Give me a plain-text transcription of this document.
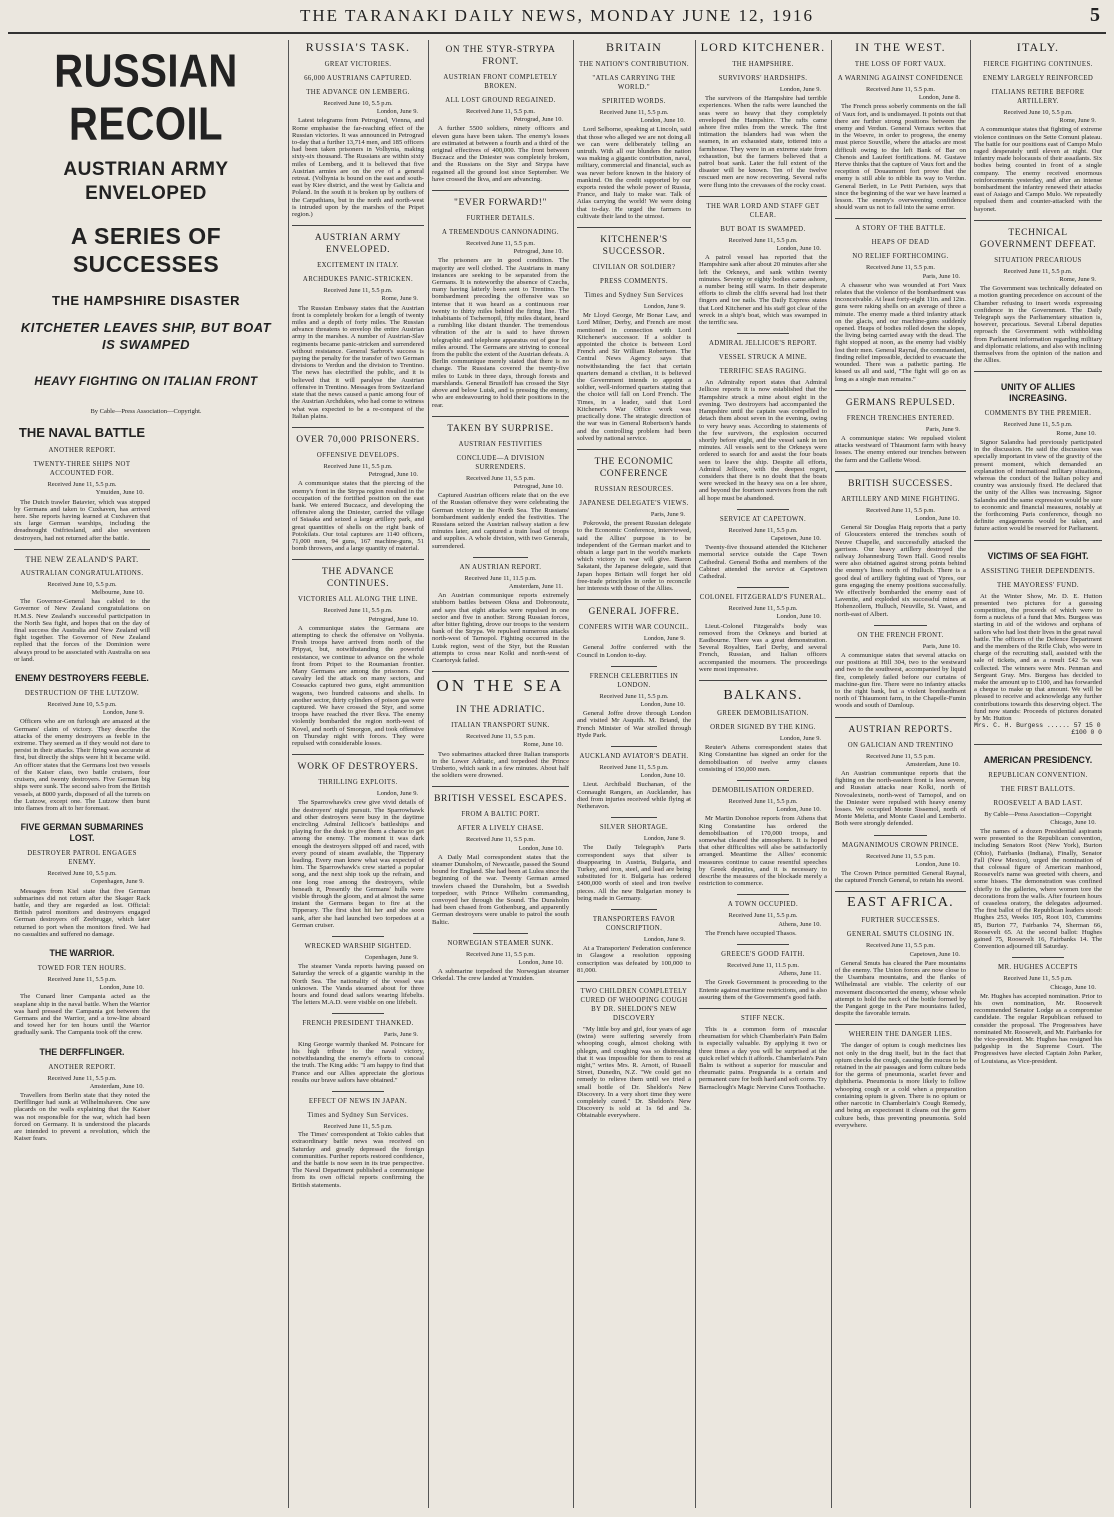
THE TARANAKI DAILY NEWS, MONDAY JUNE 12, 1916	5
RUSSIAN RECOIL
AUSTRIAN ARMY ENVELOPED
A SERIES OF SUCCESSES
THE HAMPSHIRE DISASTER
KITCHETER LEAVES SHIP, BUT BOAT IS SWAMPED
HEAVY FIGHTING ON ITALIAN FRONT
By Cable—Press Association—Copyright.
THE NAVAL BATTLE
ANOTHER REPORT.
TWENTY-THREE SHIPS NOT ACCOUNTED FOR.
Received June 11, 5.5 p.m.
Ymuiden, June 10.

The Dutch trawler Batavier, which was stopped by Germans and taken to Cuxhaven, has arrived here. She reports having learned at Cuxhaven that six large German warships, including the dreadnought Ostfriesland, and also seventeen destroyers, had not returned after the battle.

THE NEW ZEALAND'S PART.
AUSTRALIAN CONGRATULATIONS.
Received June 10, 5.5 p.m.
Melbourne, June 10.

The Governor-General has cabled to the Governor of New Zealand congratulations on H.M.S. New Zealand's successful participation in the North Sea fight, and hopes that on the day of final success the Australia and New Zealand will fight together. The Governor of New Zealand replied that the forces of the Dominion were always proud to be associated with Australia on sea or land.

ENEMY DESTROYERS FEEBLE.
DESTRUCTION OF THE LUTZOW.
Received June 10, 5.5 p.m.
London, June 9.

Officers who are on furlough are amazed at the Germans' claim of victory. They describe the attacks of the enemy destroyers as feeble in the extreme. They seemed as if they would not dare to persist in their attacks. Their firing was accurate at first, but directly the ships were hit it became wild. An officer states that the Germans lost two vessels of the Kaiser class, two battle cruisers, four cruisers, and twenty destroyers. Five German big ships were sunk. The second salvo from the British vessels, at 8000 yards, disposed of all the turrets on the Lutzow, except one. The Lutzow then burst into flames from aft to her foremast.

FIVE GERMAN SUBMARINES LOST.
DESTROYER PATROL ENGAGES ENEMY.
Received June 10, 5.5 p.m.
Copenhagen, June 9.

Messages from Kiel state that five German submarines did not return after the Skager Rack battle, and they are regarded as lost. Official: British patrol monitors and destroyers engaged German destroyers off Zeebrugge, which later returned to port when the monitors fired. We had no casualties and suffered no damage.

THE WARRIOR.
TOWED FOR TEN HOURS.
Received June 11, 5.5 p.m.
London, June 10.

The Cunard liner Campania acted as the seaplane ship in the naval battle. When the Warrior was hard pressed the Campania got between the Germans and the Warrior, and a tow-line aboard and towed her for ten hours until the Warrior gradually sank. The Campania took off the crew.

THE DERFFLINGER.
ANOTHER REPORT.
Received June 11, 5.5 p.m.
Amsterdam, June 10.

Travellers from Berlin state that they noted the Derfflinger had sunk at Wilhelmshaven. One saw placards on the walls explaining that the Kaiser was not responsible for the war, which had been forced on Germany. It is understood the placards are intended to prevent a revolution, which the Kaiser fears.

RUSSIA'S TASK.
GREAT VICTORIES.
66,000 AUSTRIANS CAPTURED.
THE ADVANCE ON LEMBERG.
Received June 10, 5.5 p.m.
London, June 9.

Latest telegrams from Petrograd, Vienna, and Rome emphasise the far-reaching effect of the Russian victories. It was announced in Petrograd to-day that a further 13,714 men, and 185 officers had been taken prisoners in Volhynia, making sixty-six thousand. The Russians are within sixty miles of Lemberg, and it is believed that five Austrian armies are on the eve of a general retreat. (Volhynia is bound on the east and south-east by Kiev district, and the west by Galicia and Poland. In the south it is broken up by outliers of the Carpathians, but in the north and north-west is intruded upon by the marshes of the Pripet region.)

AUSTRIAN ARMY ENVELOPED.
EXCITEMENT IN ITALY.
ARCHDUKES PANIC-STRICKEN.
Received June 11, 5.5 p.m.
Rome, June 9.

The Russian Embassy states that the Austrian front is completely broken for a length of twenty miles and a depth of forty miles. The Russian advance threatens to envelop the entire Austrian army in the marshes. A number of Austrian-Slav regiments became panic-stricken and surrendered without resistance. General Sarbrot's success is paying the penalty for the transfer of two German divisions to Verdun and the division to Trentino. The news has electrified the public, and it is believed that it will paralyse the Austrian offensive in Trentino. Messages from Switzerland state that the news caused a panic among four of the Austrian Archdukes, who had come to witness what was expected to be a re-conquest of the Italian plains.

OVER 70,000 PRISONERS.
OFFENSIVE DEVELOPS.
Received June 11, 5.5 p.m.
Petrograd, June 10.

A communique states that the piercing of the enemy's front in the Strypa region resulted in the occupation of the fortified position on the east bank. We entered Buczacz, and developing the offensive along the Dniester, carried the village of Ssiaaka and seized a large artillery park, and great quantities of shells on the right bank of Potokilats. Our total captures are 1140 officers, 71,000 men, 94 guns, 167 machine-guns, 51 bomb throwers, and a large quantity of material.

THE ADVANCE CONTINUES.
VICTORIES ALL ALONG THE LINE.
Received June 11, 5.5 p.m.
Petrograd, June 10.

A communique states the Germans are attempting to check the offensive on Volhynia. Fresh troops have arrived from north of the Pripyat, but, notwithstanding the powerful resistance, we continue to advance on the whole front from Pripet to the Roumanian frontier. Many Germans are among the prisoners. Our cavalry led the attack on many sectors, and Cossacks captured two guns, eight ammunition wagons, two hundred caissons and shells. In another sector, thirty cylinders of poison gas were captured. We have crossed the Styr, and some troops have reached the river Ikva. The enemy violently bombarded the region north-west of Kovel, and north of Smorgon, and took offensive on Thursday night with forces. They were repulsed with considerable losses.

WORK OF DESTROYERS.
THRILLING EXPLOITS.
London, June 9.

The Sparrowhawk's crew give vivid details of the destroyers' night pursuit. The Sparrowhawk and other destroyers were busy in the daytime encircling Admiral Jellicoe's battleships and playing for the dusk to give them a chance to get among the enemy. The moment it was dark enough the destroyers slipped off and raced, with every pound of steam available, the Tipperary leading. Every man knew what was expected of him. The Sparrowhawk's crew started a popular song, and the next ship took up the refrain, and one long rose among the destroyers, while beneath it, Presently the Germans' hulls were visible through the gloom, and at almost the same instant the Germans began to fire at the Tipperary. The first shot hit her and she soon sank, after she had launched two torpedoes at a German cruiser.

WRECKED WARSHIP SIGHTED.
Copenhagen, June 9.

The steamer Vanda reports having passed on Saturday the wreck of a gigantic warship in the North Sea. The nationality of the vessel was unknown. The Vanda steamed about for three hours and found dead sailors wearing lifebelts. The letters M.A.D. were visible on one lifebelt.

FRENCH PRESIDENT THANKED.
Paris, June 9.

King George warmly thanked M. Poincare for his high tribute to the naval victory, notwithstanding the enemy's efforts to conceal the truth. The King adds: "I am happy to find that France and our Allies appreciate the glorious results our brave sailors have obtained."

EFFECT OF NEWS IN JAPAN.
Times and Sydney Sun Services.
Received June 11, 5.5 p.m.

The Times' correspondent at Tokio cables that extraordinary battle news was received on Saturday and greatly depressed the foreign communities. Further reports restored confidence, and the battle is now seen in its true perspective. The Naval Department published a communique from its own official reports confirming the British statements.

ON THE STYR-STRYPA FRONT.
AUSTRIAN FRONT COMPLETELY BROKEN.
ALL LOST GROUND REGAINED.
Received June 11, 5.5 p.m.
Petrograd, June 10.

A further 5500 soldiers, ninety officers and eleven guns have been taken. The enemy's losses are estimated at between a fourth and a third of the original effectives of 400,000. The front between Buczacz and the Dniester was completely broken, and the Russians on the Styr and Strypa have regained all the ground lost since September. We have crossed the Ikva, and are advancing.

"EVER FORWARD!"
FURTHER DETAILS.
A TREMENDOUS CANNONADING.
Received June 11, 5.5 p.m.
Petrograd, June 10.

The prisoners are in good condition. The majority are well clothed. The Austrians in many instances are seeking to be separated from the Germans. It is noteworthy the absence of Czechs, many having latterly been sent to Trentino. The bombardment preceding the offensive was so intense that it was heard as a continuous roar twenty to thirty miles behind the firing line. The inhabitants of Tschernopil, fifty miles distant, heard a rumbling like distant thunder. The tremendous vibration of the air is said to have thrown telegraphic and telephone apparatus out of gear for miles around. The Germans are striving to conceal from the public the extent of the Austrian defeats. A Berlin communique merely stated that there is no change. The Russians covered the twenty-five miles to Lutsk in three days, through forests and marshlands. General Brusiloff has crossed the Styr above and below Lutsk, and is pressing the enemy, who are endeavouring to hold their positions in the rear.

TAKEN BY SURPRISE.
AUSTRIAN FESTIVITIES
CONCLUDE—A DIVISION SURRENDERS.
Received June 11, 5.5 p.m.
Petrograd, June 10.

Captured Austrian officers relate that on the eve of the Russian offensive they were celebrating the German victory in the North Sea. The Russians' bombardment suddenly ended the festivities. The Russians seized the Austrian railway station a few minutes later, and captured a train load of troops and supplies. A whole division, with two Generals, surrendered.

AN AUSTRIAN REPORT.
Received June 11, 11.5 p.m.
Amsterdam, June 11.

An Austrian communique reports extremely stubborn battles between Okna and Dobronoutz, and says that eight attacks were repulsed in one sector and five in another. Strong Russian forces, after bitter fighting, drove our troops to the western bank of the Strypa. We repulsed numerous attacks north-west of Tarnopol. Fighting occurred in the Lutsk region, west of the Styr, but the Russian attempts to cross near Kolki and north-west of Czartorysk failed.

ON THE SEA
IN THE ADRIATIC.
ITALIAN TRANSPORT SUNK.
Received June 11, 5.5 p.m.
Rome, June 10.

Two submarines attacked three Italian transports in the Lower Adriatic, and torpedoed the Prince Umberto, which sank in a few minutes. About half the soldiers were drowned.

BRITISH VESSEL ESCAPES.
FROM A BALTIC PORT.
AFTER A LIVELY CHASE.
Received June 11, 5.5 p.m.
London, June 10.

A Daily Mail correspondent states that the steamer Dunsholm, of Newcastle, passed the Sound bound for England. She had been at Lulea since the beginning of the war. Twenty German armed trawlers chased the Dunsholm, but a Swedish torpedoer, with Prince Wilhelm commanding, convoyed her through the Sound. The Dunsholm had been chased from Gothenburg, and apparently German destroyers were unable to patrol the south Baltic.

NORWEGIAN STEAMER SUNK.
Received June 11, 5.5 p.m.
London, June 10.

A submarine torpedoed the Norwegian steamer Orkedal. The crew landed at Ymuiden.

BRITAIN
THE NATION'S CONTRIBUTION.
"ATLAS CARRYING THE WORLD."
SPIRITED WORDS.
Received June 11, 5.5 p.m.
London, June 10.

Lord Selborne, speaking at Lincoln, said that those who alleged we are not doing all we can were deliberately telling an untruth. With all our blunders the nation was making a gigantic contribution, naval, military, commercial and financial, such as was never before known in the history of mankind. On the credit supported by our exports rested the whole power of Russia, France, and Italy to make war. Talk of Atlas carrying the world! We were doing that to-day. He urged the farmers to cultivate their land to the utmost.

KITCHENER'S SUCCESSOR.
CIVILIAN OR SOLDIER?
PRESS COMMENTS.
Times and Sydney Sun Services
London, June 9.

Mr Lloyd George, Mr Bonar Law, and Lord Milner, Derby, and French are most mentioned in connection with Lord Kitchener's successor. If a soldier is appointed the choice is between Lord French and Sir William Robertson. The Central News Agency says that notwithstanding the fact that certain quarters demand a civilian, it is believed the Government intends to appoint a soldier, well-informed quarters stating that the choice will fall on Lord French. The Times, in a leader, said that Lord Kitchener's War Office work was practically done. The strategic direction of the war was in General Robertson's hands and the controlling problem had been solved by national service.

THE ECONOMIC CONFERENCE
RUSSIAN RESOURCES.
JAPANESE DELEGATE'S VIEWS.
Paris, June 9.

Pokrovski, the present Russian delegate to the Economic Conference, interviewed, said the Allies' purpose is to be independent of the German market and to obtain a large part in the world's markets which victory in war will give. Baron Sakatani, the Japanese delegate, said that Japan hopes Britain will forget her old free-trade principles in order to reconcile her interests with those of the Allies.

GENERAL JOFFRE.
CONFERS WITH WAR COUNCIL.
London, June 9.

General Joffre conferred with the Council in London to-day.

FRENCH CELEBRITIES IN LONDON.
Received June 11, 5.5 p.m.
London, June 10.

General Joffre drove through London and visited Mr Asquith. M. Briand, the French Minister of War strolled through Hyde Park.

AUCKLAND AVIATOR'S DEATH.
Received June 11, 5.5 p.m.
London, June 10.

Lieut. Archibald Buchanan, of the Connaught Rangers, an Aucklander, has died from injuries received while flying at Netheravon.

SILVER SHORTAGE.
London, June 9.

The Daily Telegraph's Paris correspondent says that silver is disappearing in Austria, Bulgaria, and Turkey, and iron, steel, and lead are being substituted for it. Bulgaria has ordered £400,000 worth of steel and iron twelve pieces. All the new Bulgarian money is being made in Germany.

TRANSPORTERS FAVOR CONSCRIPTION.
London, June 9.

At a Transporters' Federation conference in Glasgow a resolution opposing conscription was defeated by 100,000 to 81,000.

TWO CHILDREN COMPLETELY CURED OF WHOOPING COUGH BY DR. SHELDON'S NEW DISCOVERY

"My little boy and girl, four years of age (twins) were suffering severely from whooping cough, almost choking with phlegm, and coughing was so distressing that it was impossible for them to rest at night," writes Mrs. R. Arnott, of Russell Street, Dunedin, N.Z. "We could get no remedy to relieve them until we tried a small bottle of Dr. Sheldon's New Discovery. In a very short time they were completely cured." Dr. Sheldon's New Discovery is sold at 1s 6d and 3s. Obtainable everywhere.

LORD KITCHENER.
THE HAMPSHIRE.
SURVIVORS' HARDSHIPS.
London, June 9.

The survivors of the Hampshire had terrible experiences. When the rafts were launched the seas were so heavy that they completely enveloped the Hampshire. The rafts came ashore five miles from the wreck. The first intimation the islanders had was when the seamen, in an exhausted state, tottered into a farmhouse. They were in an extreme state from exhaustion, but the farmers believed that a patrol boat sank. Later the full extent of the disaster will be known. Ten of the twelve rescued men are now recovering. Several rafts were flung into the crevasses of the rocky coast.

THE WAR LORD AND STAFF GET CLEAR.
BUT BOAT IS SWAMPED.
Received June 11, 5.5 p.m.
London, June 10.

A patrol vessel has reported that the Hampshire sank after about 20 minutes after she left the Orkneys, and sank within twenty minutes. Seventy or eighty bodies came ashore, a number being still warm. In their desperate efforts to climb the cliffs several had lost their fingers and toe nails. The Daily Express states that Lord Kitchener and his staff got clear of the wreck in a ship's boat, which was swamped in the terrific sea.

ADMIRAL JELLICOE'S REPORT.
VESSEL STRUCK A MINE.
TERRIFIC SEAS RAGING.

An Admiralty report states that Admiral Jellicoe reports it is now established that the Hampshire struck a mine about eight in the evening. Two destroyers had accompanied the Hampshire until the captain was compelled to detach them about seven in the evening, owing to very heavy seas. According to statements of the few survivors, the explosion occurred shortly before eight, and the vessel sank in ten minutes. All vessels sent to the Orkneys were ordered to search for and assist the four boats seen to leave the ship. Despite all efforts, Admiral Jellicoe, with the deepest regret, considers that there is no doubt that the boats were wrecked in the heavy sea on a lee shore, and beyond the fourteen survivors from the raft all hope must be abandoned.

SERVICE AT CAPETOWN.
Received June 11, 5.5 p.m.
Capetown, June 10.

Twenty-five thousand attended the Kitchener memorial service outside the Cape Town Cathedral. General Botha and members of the Cabinet attended the service at Capetown Cathedral.

COLONEL FITZGERALD'S FUNERAL.
Received June 11, 5.5 p.m.
London, June 10.

Lieut.-Colonel Fitzgerald's body was removed from the Orkneys and buried at Eastbourne. There was a great demonstration. Several Royalties, Earl Derby, and several French, Russian, and Italian officers accompanied the mourners. The proceedings were most impressive.

BALKANS.
GREEK DEMOBILISATION.
ORDER SIGNED BY THE KING.
London, June 9.

Reuter's Athens correspondent states that King Constantine has signed an order for the demobilisation of twelve army classes consisting of 150,000 men.

DEMOBILISATION ORDERED.
Received June 11, 5.5 p.m.
London, June 10.

Mr Martin Donohoe reports from Athens that King Constantine has ordered the demobilisation of 170,000 troops, and somewhat cleared the atmosphere. It is hoped that other difficulties will also be satisfactorily arranged. Meantime the Allies' economic measures continue to cause resentful speeches by Greek deputies, and it is necessary to describe the measures of the blockade merely a restriction to commerce.

A TOWN OCCUPIED.
Received June 11, 5.5 p.m.
Athens, June 10.

The French have occupied Thasos.

GREECE'S GOOD FAITH.
Received June 11, 11.5 p.m.
Athens, June 11.

The Greek Government is proceeding to the Entente against maritime restrictions, and is also assuring them of the Government's good faith.

STIFF NECK.

This is a common form of muscular rheumatism for which Chamberlain's Pain Balm is especially valuable. By applying it two or three times a day you will be surprised at the quick relief which it affords. Chamberlain's Pain Balm is without a superior for muscular and rheumatic pains. Pregnanda is a certain and permanent cure for both hard and soft corns. Try Barnsclough's Magic Nervine Cures Toothache.

IN THE WEST.
THE LOSS OF FORT VAUX.
A WARNING AGAINST CONFIDENCE
Received June 11, 5.5 p.m.
London, June 8.

The French press soberly comments on the fall of Vaux fort, and is undismayed. It points out that there are further strong positions between the enemy and Verdun. General Verraux writes that in the Woevre, in order to progress, the enemy must pierce Souville, where the attacks are most difficult owing to the left Bank of Bar on Chenois and Laufeet fortifications. M. Gustave Herve thinks that the capture of Vaux fort and the reception of Douaumont fort prove that the enemy is still able to nibble its way to Verdun. General Berlett, in Le Petit Parisien, says that since the beginning of the war we have learned a lesson. The enemy's overweening confidence should warn us not to fall into the same error.

A STORY OF THE BATTLE.
HEAPS OF DEAD
NO RELIEF FORTHCOMING.
Received June 11, 5.5 p.m.
Paris, June 10.

A chasseur who was wounded at Fort Vaux relates that the violence of the bombardment was inconceivable. At least forty-eight 11in. and 12in. guns were raking shells on an average of three a minute. The enemy made a third infantry attack on the glacis, and our machine-guns suddenly opened. Heaps of bodies rolled down the slopes, the living being carried away with the dead. The fight stopped at noon, as the enemy had visibly lost their men. General Raynal, the commandant, finding relief impossible, decided to evacuate the wounded. There was a pathetic parting. He kissed us all and said, "The fight will go on as long as a single man remains."

GERMANS REPULSED.
FRENCH TRENCHES ENTERED.
Paris, June 9.

A communique states: We repulsed violent attacks westward of Thiaumont farm with heavy losses. The enemy entered our trenches between the farm and the Caillette Wood.

BRITISH SUCCESSES.
ARTILLERY AND MINE FIGHTING.
Received June 11, 5.5 p.m.
London, June 10.

General Sir Douglas Haig reports that a party of Gloucesters entered the trenches south of Neuve Chapelle, and successfully attacked the garrison. Our heavy artillery destroyed the railway Johannesburg Town Hall. Good results were also obtained against strong points behind the enemy's lines north of Hulluch. There is a good deal of artillery fighting east of Ypres, our guns engaging the enemy positions successfully. We effectively bombarded the enemy east of Laventie, and exploded six successful mines at Hohenzollern, Hulluch, Neuville, St. Vaast, and north-east of Albert.

ON THE FRENCH FRONT.
Paris, June 10.

A communique states that several attacks on our positions at Hill 304, two to the westward and two to the southwest, accompanied by liquid fire, completely failed before our curtains of machine-gun fire. There were no infantry attacks to the right bank, but a violent bombardment north of Thiaumont farm, in the Chapelle-Fumin woods and south of Damloup.

AUSTRIAN REPORTS.
ON GALICIAN AND TRENTINO
Received June 11, 5.5 p.m.
Amsterdam, June 10.

An Austrian communique reports that the fighting on the north-eastern front is less severe, and Russian attacks near Kolki, north of Novoalexinets, north-west of Tarnopol, and on the Dniester were repulsed with heavy enemy losses. We occupied Monte Sissemol, north of Monte Meletta, and Monte Castel and Lemberto. Both were strongly defended.

MAGNANIMOUS CROWN PRINCE.
Received June 11, 5.5 p.m.
London, June 10.

The Crown Prince permitted General Raynal, the captured French General, to retain his sword.

EAST AFRICA.
FURTHER SUCCESSES.
GENERAL SMUTS CLOSING IN.
Received June 11, 5.5 p.m.
Capetown, June 10.

General Smuts has cleared the Pare mountains of the enemy. The Union forces are now close to the Usambara mountains, and the flanks of Wilhelmstal are visible. The celerity of our movement disconcerted the enemy, whose whole attempt to hold the neck of the bottle formed by the Pangani gorge in the Pare mountains failed, despite the favorable terrain.

WHEREIN THE DANGER LIES.

The danger of opium is cough medicines lies not only in the drug itself, but in the fact that opium checks the cough, causing the mucus to be retained in the air passages and form culture beds for the germs of pneumonia, scarlet fever and diphtheria. Pneumonia is more likely to follow whooping cough or a cold when a preparation containing opium is given. There is no opium or other narcotic in Chamberlain's Cough Remedy, and being an expectorant it cleans out the germ culture beds, thus preventing pneumonia. Sold everywhere.

ITALY.
FIERCE FIGHTING CONTINUES.
ENEMY LARGELY REINFORCED
ITALIANS RETIRE BEFORE ARTILLERY.
Received June 10, 5.5 p.m.
Rome, June 9.

A communique states that fighting of extreme violence continues on the Sette Comuni plateau. The battle for our positions east of Campo Mulo raged desperately until eleven at night. Our infantry made holocausts of their assailants. Six bodies being counted in front of a single company. The enemy received enormous reinforcements yesterday, and after an intense bombardment the infantry renewed their attacks east of Asiago and Campo Mulo. We repeatedly repulsed them and counter-attacked with the bayonet.

TECHNICAL GOVERNMENT DEFEAT.
SITUATION PRECARIOUS
Received June 11, 5.5 p.m.
Rome, June 9.

The Government was technically defeated on a motion granting precedence on account of the Chamber refusing to insert words expressing confidence in the Government. The Daily Telegraph says the Parliamentary situation is, however, precarious. Several Liberal deputies reproach the Government with withholding from Parliament information regarding military and diplomatic relations, and also with inclining themselves from the opinion of the nation and the Allies.

UNITY OF ALLIES INCREASING.
COMMENTS BY THE PREMIER.
Received June 11, 5.5 p.m.
Rome, June 10.

Signor Salandra had previously participated in the discussion. He said the discussion was specially important in view of the gravity of the present moment, which demanded an explanation of international military situations, whereas the conduct of the Italian policy and country was anxiously fixed. He declared that the unity of the Allies was increasing. Signor Salandra and the same expression would be sure to economic and financial measures, notably at the forthcoming Paris conference, though no definite engagements would be taken, and future action would be reserved for Parliament.

VICTIMS OF SEA FIGHT.
ASSISTING THEIR DEPENDENTS.
THE MAYORESS' FUND.

At the Winter Show, Mr. D. E. Hutton presented two pictures for a guessing competition, the proceeds of which were to form a nucleus of a fund that Mrs. Burgess was starting in aid of the widows and orphans of sailors who had lost their lives in the great naval battle. The officers of the Defence Department and the members of the Rifle Club, who were in charge of the recruiting stall, assisted with the sale of tickets, and as a result £42 5s was collected. The winners were Mrs. Penman and Sergeant Gray. Mrs. Burgess has decided to make the amount up to £100, and has forwarded a cheque to make up that amount. We will be pleased to receive and acknowledge any further contributions towards this deserving object. The fund now stands: Proceeds of pictures donated by Mr. Hutton

Mrs. C. H. Burgess ...... 57 15 0
£100 0 0
AMERICAN PRESIDENCY.
REPUBLICAN CONVENTION.
THE FIRST BALLOTS.
ROOSEVELT A BAD LAST.
By Cable—Press Association—Copyright
Chicago, June 10.

The names of a dozen Presidential aspirants were presented to the Republican convention, including Senators Root (New York), Burton (Ohio), Fairbanks (Indiana), Finally, Senator Fall (New Mexico), urged the nomination of that colossal figure of American manhood, Roosevelt's name was greeted with cheers, and some hisses. The demonstration was confined chiefly to the galleries, where women tore the decorations from the walls. After fourteen hours of ceaseless oratory, the delegates adjourned. The first ballot of the Republican leaders stood: Hughes 253, Weeks 105, Root 103, Cummins 85, Burton 77, Fairbanks 74, Sherman 66, Roosevelt 65. At the second ballot: Hughes gained 75, Roosevelt 16, Fairbanks 14. The Convention adjourned till Saturday.

MR. HUGHES ACCEPTS
Received June 11, 5.5 p.m.
Chicago, June 10.

Mr. Hughes has accepted nomination. Prior to his own nomination, Mr. Roosevelt recommended Senator Lodge as a compromise candidate. The regular Republican refused to consider the proposal. The Progressives have nominated Mr. Roosevelt, and Mr. Fairbanks for the vice-president. Mr. Hughes has resigned his judgeship in the Supreme Court. The Progressives have elected Captain John Parker, of Louisiana, as Vice-president.
